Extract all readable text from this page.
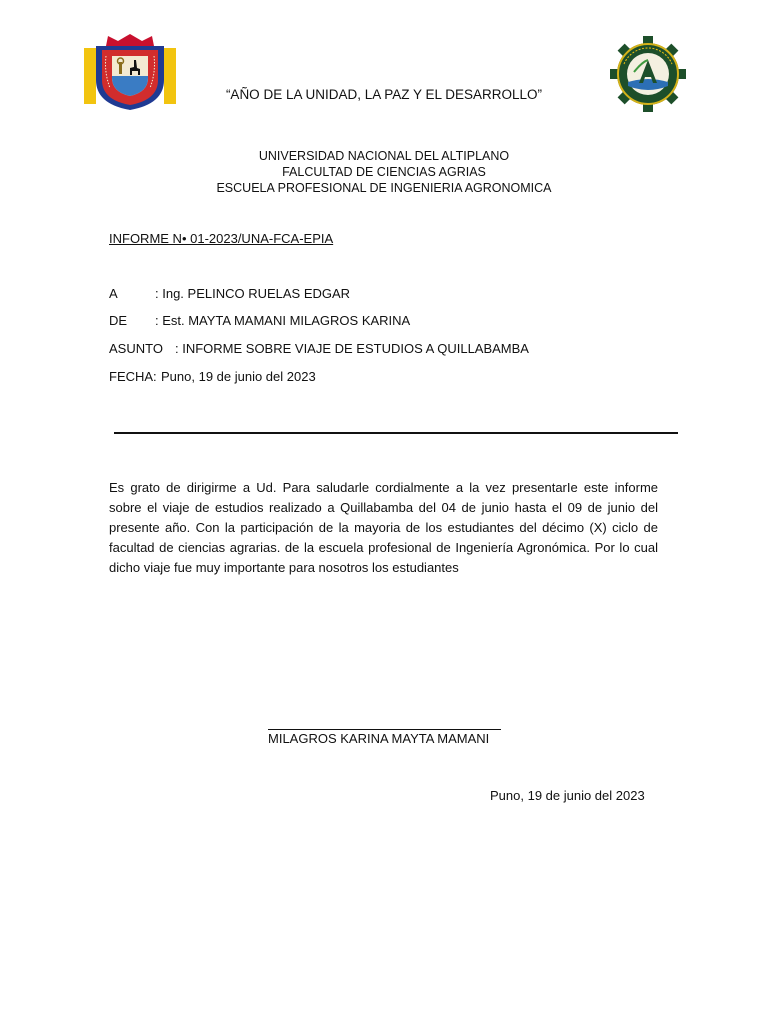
“AÑO DE LA UNIDAD, LA PAZ Y EL DESARROLLO”
UNIVERSIDAD NACIONAL DEL ALTIPLANO
FALCULTAD DE CIENCIAS AGRIAS
ESCUELA PROFESIONAL DE INGENIERIA AGRONOMICA
INFORME N• 01-2023/UNA-FCA-EPIA
A	: Ing. PELINCO RUELAS EDGAR
DE : Est. MAYTA MAMANI MILAGROS KARINA
ASUNTO : INFORME SOBRE VIAJE DE ESTUDIOS A QUILLABAMBA
FECHA: Puno, 19 de junio del 2023
Es grato de dirigirme a Ud. Para saludarle cordialmente a la vez presentarIe este informe sobre el viaje de estudios realizado a Quillabamba del 04 de junio hasta el 09 de junio del presente año. Con la participación de la mayoria de los estudiantes del décimo (X) ciclo de facultad de ciencias agrarias. de la escuela profesional de Ingeniería Agronómica. Por lo cual dicho viaje fue muy importante para nosotros los estudiantes
MILAGROS KARINA MAYTA MAMANI
Puno, 19 de junio del 2023
